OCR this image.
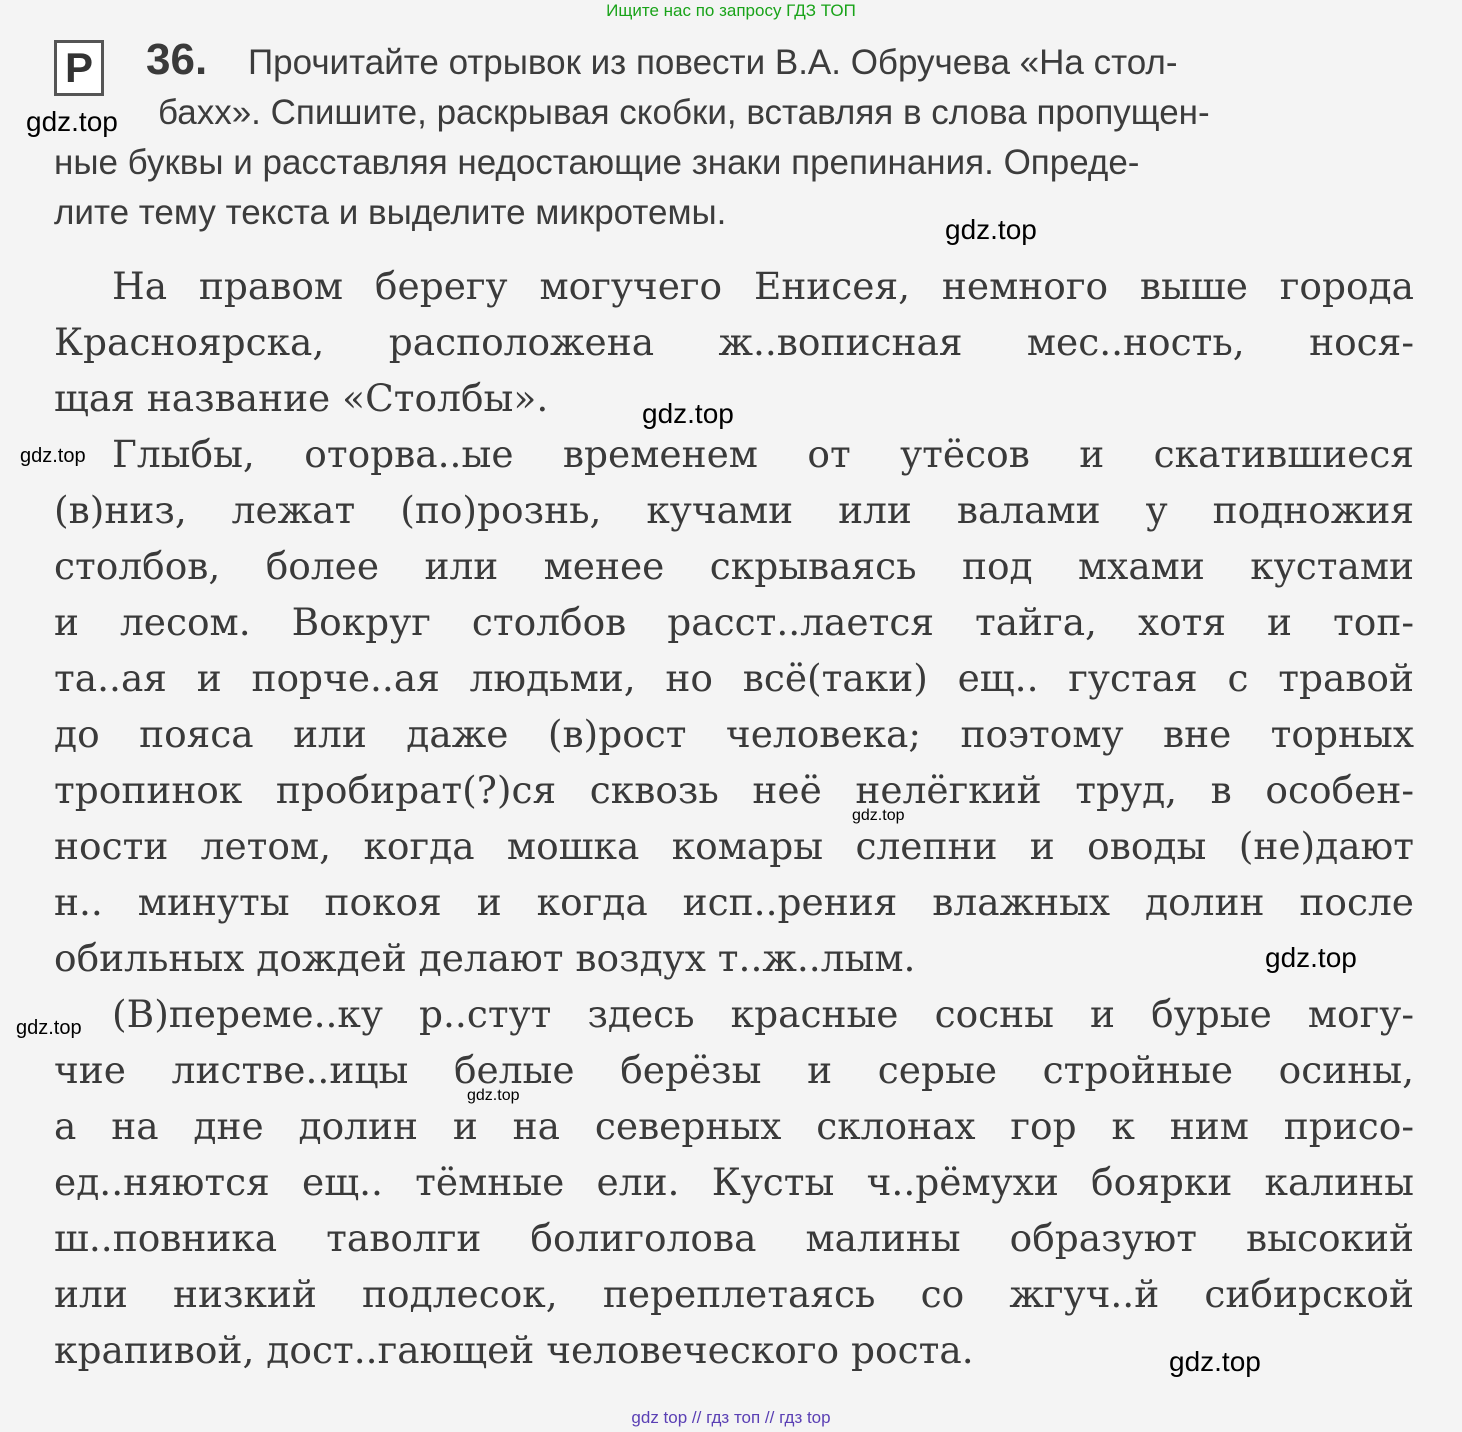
Ищите нас по запросу ГДЗ ТОП
Р 36. Прочитайте отрывок из повести В.А. Обручева «На стол-
бахх». Спишите, раскрывая скобки, вставляя в слова пропущен-
ные буквы и расставляя недостающие знаки препинания. Опреде-
лите тему текста и выделите микротемы.
На правом берегу могучего Енисея, немного выше города
Красноярска, расположена ж..вописная мес..ность, нося-
щая название «Столбы».
Глыбы, оторва..ые временем от утёсов и скатившиеся
(в)низ, лежат (по)рознь, кучами или валами у подножия
столбов, более или менее скрываясь под мхами кустами
и лесом. Вокруг столбов расст..лается тайга, хотя и топ-
та..ая и порче..ая людьми, но всё(таки) ещ.. густая с травой
до пояса или даже (в)рост человека; поэтому вне торных
тропинок пробират(?)ся сквозь неё нелёгкий труд, в особен-
ности летом, когда мошка комары слепни и оводы (не)дают
н.. минуты покоя и когда исп..рения влажных долин после
обильных дождей делают воздух т..ж..лым.
(В)переме..ку р..стут здесь красные сосны и бурые могу-
чие листве..ицы белые берёзы и серые стройные осины,
а на дне долин и на северных склонах гор к ним присо-
ед..няются ещ.. тёмные ели. Кусты ч..рёмухи боярки калины
ш..повника таволги болиголова малины образуют высокий
или низкий подлесок, переплетаясь со жгуч..й сибирской
крапивой, дост..гающей человеческого роста.
gdz.top
gdz.top
gdz.top
gdz.top
gdz.top
gdz.top
gdz.top
gdz.top
gdz.top
gdz top // гдз топ // гдз top
